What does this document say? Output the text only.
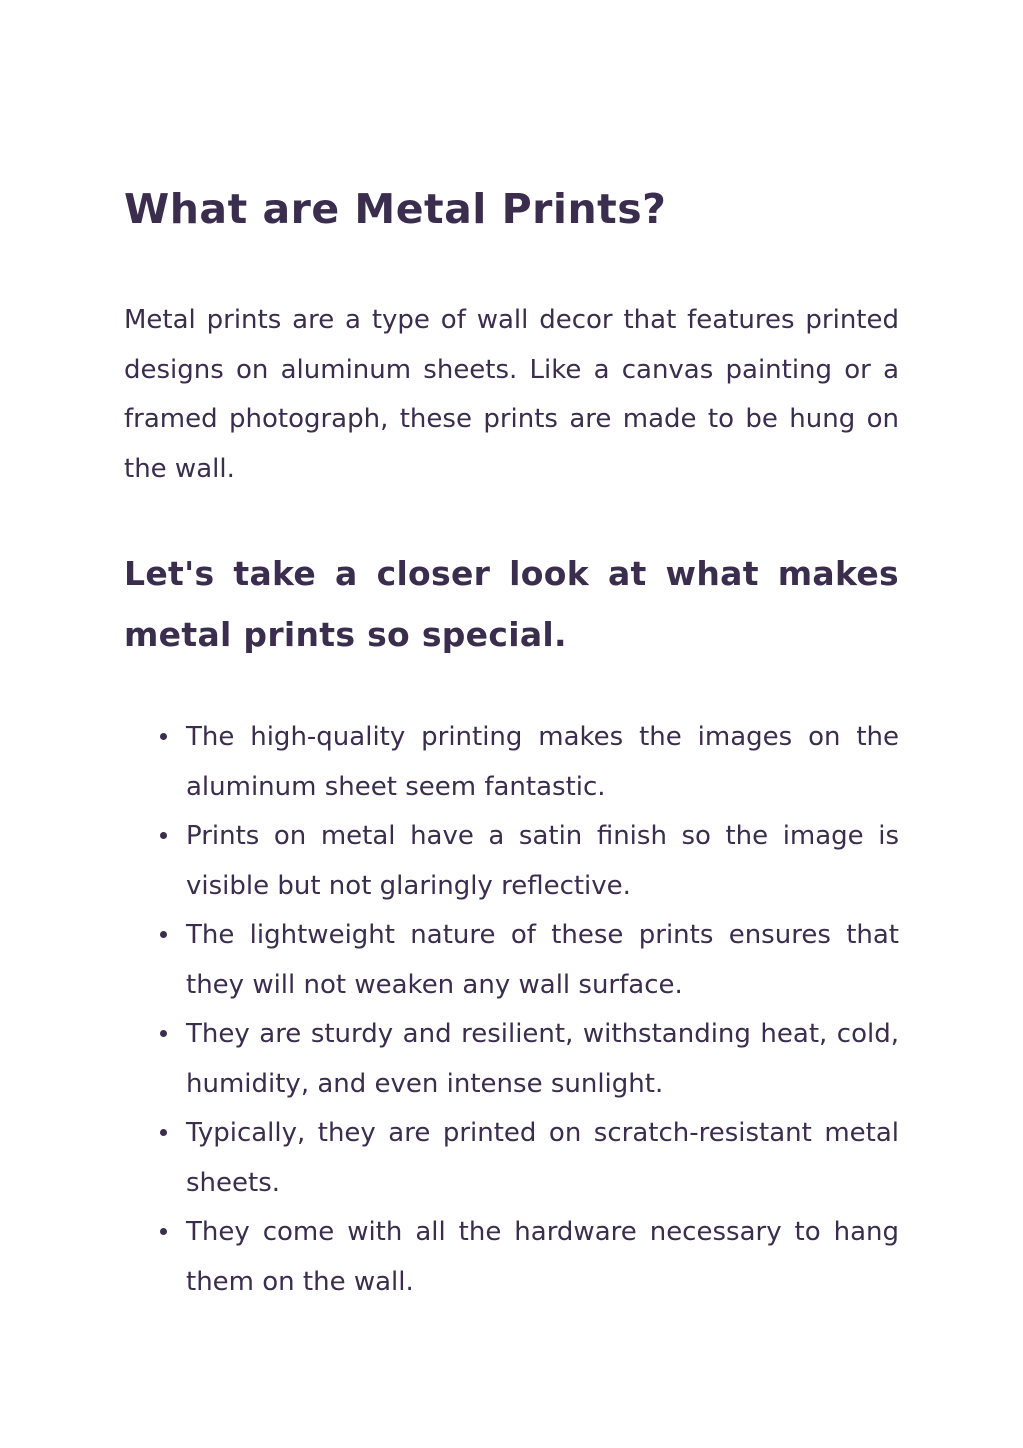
What are Metal Prints?

Metal prints are a type of wall decor that features printed designs on aluminum sheets. Like a canvas painting or a framed photograph, these prints are made to be hung on the wall.

Let's take a closer look at what makes metal prints so special.
The high-quality printing makes the images on the aluminum sheet seem fantastic.
Prints on metal have a satin finish so the image is visible but not glaringly reflective.
The lightweight nature of these prints ensures that they will not weaken any wall surface.
They are sturdy and resilient, withstanding heat, cold, humidity, and even intense sunlight.
Typically, they are printed on scratch-resistant metal sheets.
They come with all the hardware necessary to hang them on the wall.
